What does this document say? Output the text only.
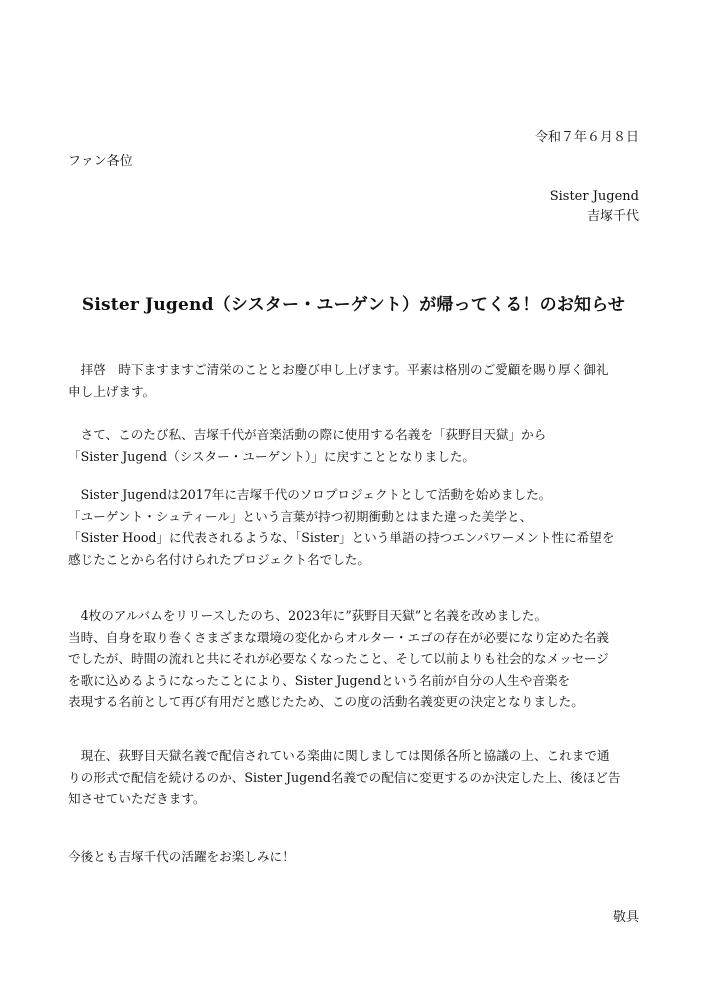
令和７年６月８日
ファン各位
Sister Jugend
吉塚千代
Sister Jugend（シスター・ユーゲント）が帰ってくる！のお知らせ

　拝啓　時下ますますご清栄のこととお慶び申し上げます。平素は格別のご愛顧を賜り厚く御礼

申し上げます。

　さて、このたび私、吉塚千代が音楽活動の際に使用する名義を「荻野目天獄」から

「Sister Jugend（シスター・ユーゲント）」に戻すことと​なりました。

　Sister Jugendは2017年に吉塚千代のソロプロジェクトとして活動を始めました。

「ユーゲント・シュティール」という言葉が持つ初期衝動とはまた違った美学と、

「Sister Hood」に代表されるような、「Sister」という単語の持つエンパワーメント性に希望を

感じたことから名付けられたプロジェクト名でした。

　4枚のアルバムをリリースしたのち、2023年に”荻野目天獄”と名義を改めました。

当時、自身を取り巻くさまざまな環境の変化からオルター・エゴの存在が必要になり定めた名義

でしたが、時間の流れと共にそれが必要なくなったこと、そして以前よりも社会的なメッセージ

を歌に込めるようになったことにより、Sister Jugendという名前が自分の人生や音楽を

表現する名前として再び有用だと感じたため、この度の活動名義変更の決定となりました。

　現在、荻野目天獄名義で配信されている楽曲に関しましては関係各所と協議の上、これまで通

りの形式で配信を続けるのか、Sister Jugend名義での配信に変更するのか決定した上、後ほど告

知させていただきます。

今後とも吉塚千代の活躍をお楽しみに！
敬具
